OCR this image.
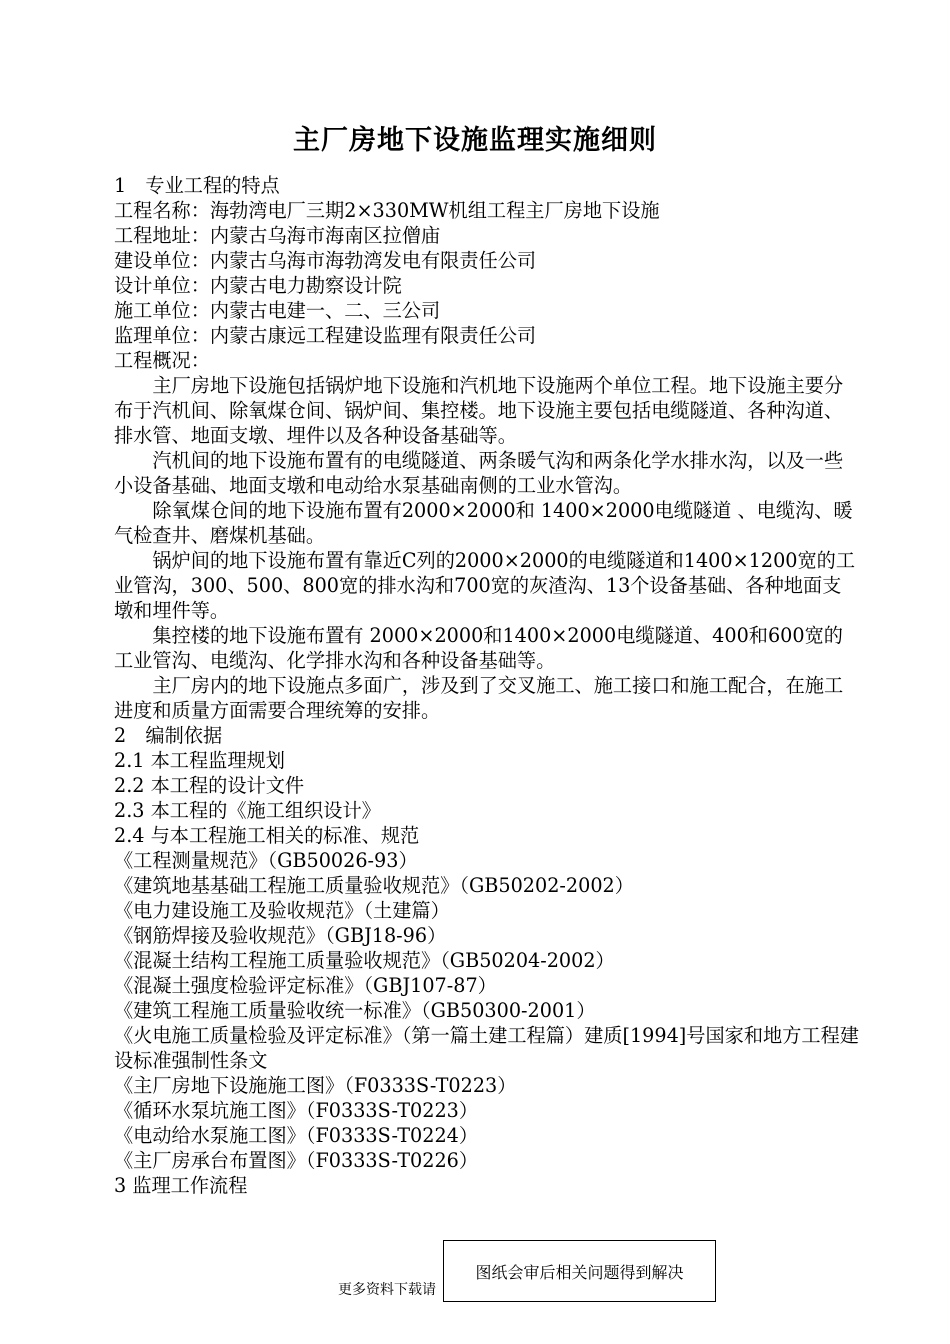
主厂房地下设施监理实施细则

1　专业工程的特点

工程名称：海勃湾电厂三期2×330MW机组工程主厂房地下设施

工程地址：内蒙古乌海市海南区拉僧庙

建设单位：内蒙古乌海市海勃湾发电有限责任公司

设计单位：内蒙古电力勘察设计院

施工单位：内蒙古电建一、二、三公司

监理单位：内蒙古康远工程建设监理有限责任公司

工程概况：

主厂房地下设施包括锅炉地下设施和汽机地下设施两个单位工程。地下设施主要分布于汽机间、除氧煤仓间、锅炉间、集控楼。地下设施主要包括电缆隧道、各种沟道、排水管、地面支墩、埋件以及各种设备基础等。

汽机间的地下设施布置有的电缆隧道、两条暖气沟和两条化学水排水沟，以及一些小设备基础、地面支墩和电动给水泵基础南侧的工业水管沟。

除氧煤仓间的地下设施布置有2000×2000和 1400×2000电缆隧道 、电缆沟、暖气检查井、磨煤机基础。

锅炉间的地下设施布置有靠近C列的2000×2000的电缆隧道和1400×1200宽的工业管沟，300、500、800宽的排水沟和700宽的灰渣沟、13个设备基础、各种地面支墩和埋件等。

集控楼的地下设施布置有 2000×2000和1400×2000电缆隧道、400和600宽的工业管沟、电缆沟、化学排水沟和各种设备基础等。

主厂房内的地下设施点多面广，涉及到了交叉施工、施工接口和施工配合，在施工进度和质量方面需要合理统筹的安排。

2　编制依据

2.1 本工程监理规划

2.2 本工程的设计文件

2.3 本工程的《施工组织设计》

2.4 与本工程施工相关的标准、规范

《工程测量规范》（GB50026-93）

《建筑地基基础工程施工质量验收规范》（GB50202-2002）

《电力建设施工及验收规范》（土建篇）

《钢筋焊接及验收规范》（GBJ18-96）

《混凝土结构工程施工质量验收规范》（GB50204-2002）

《混凝土强度检验评定标准》（GBJ107-87）

《建筑工程施工质量验收统一标准》（GB50300-2001）

《火电施工质量检验及评定标准》（第一篇土建工程篇）建质[1994]号国家和地方工程建设标准强制性条文

《主厂房地下设施施工图》（F0333S-T0223）

《循环水泵坑施工图》（F0333S-T0223）

《电动给水泵施工图》（F0333S-T0224）

《主厂房承台布置图》（F0333S-T0226）

3 监理工作流程

更多资料下载请
图纸会审后相关问题得到解决
